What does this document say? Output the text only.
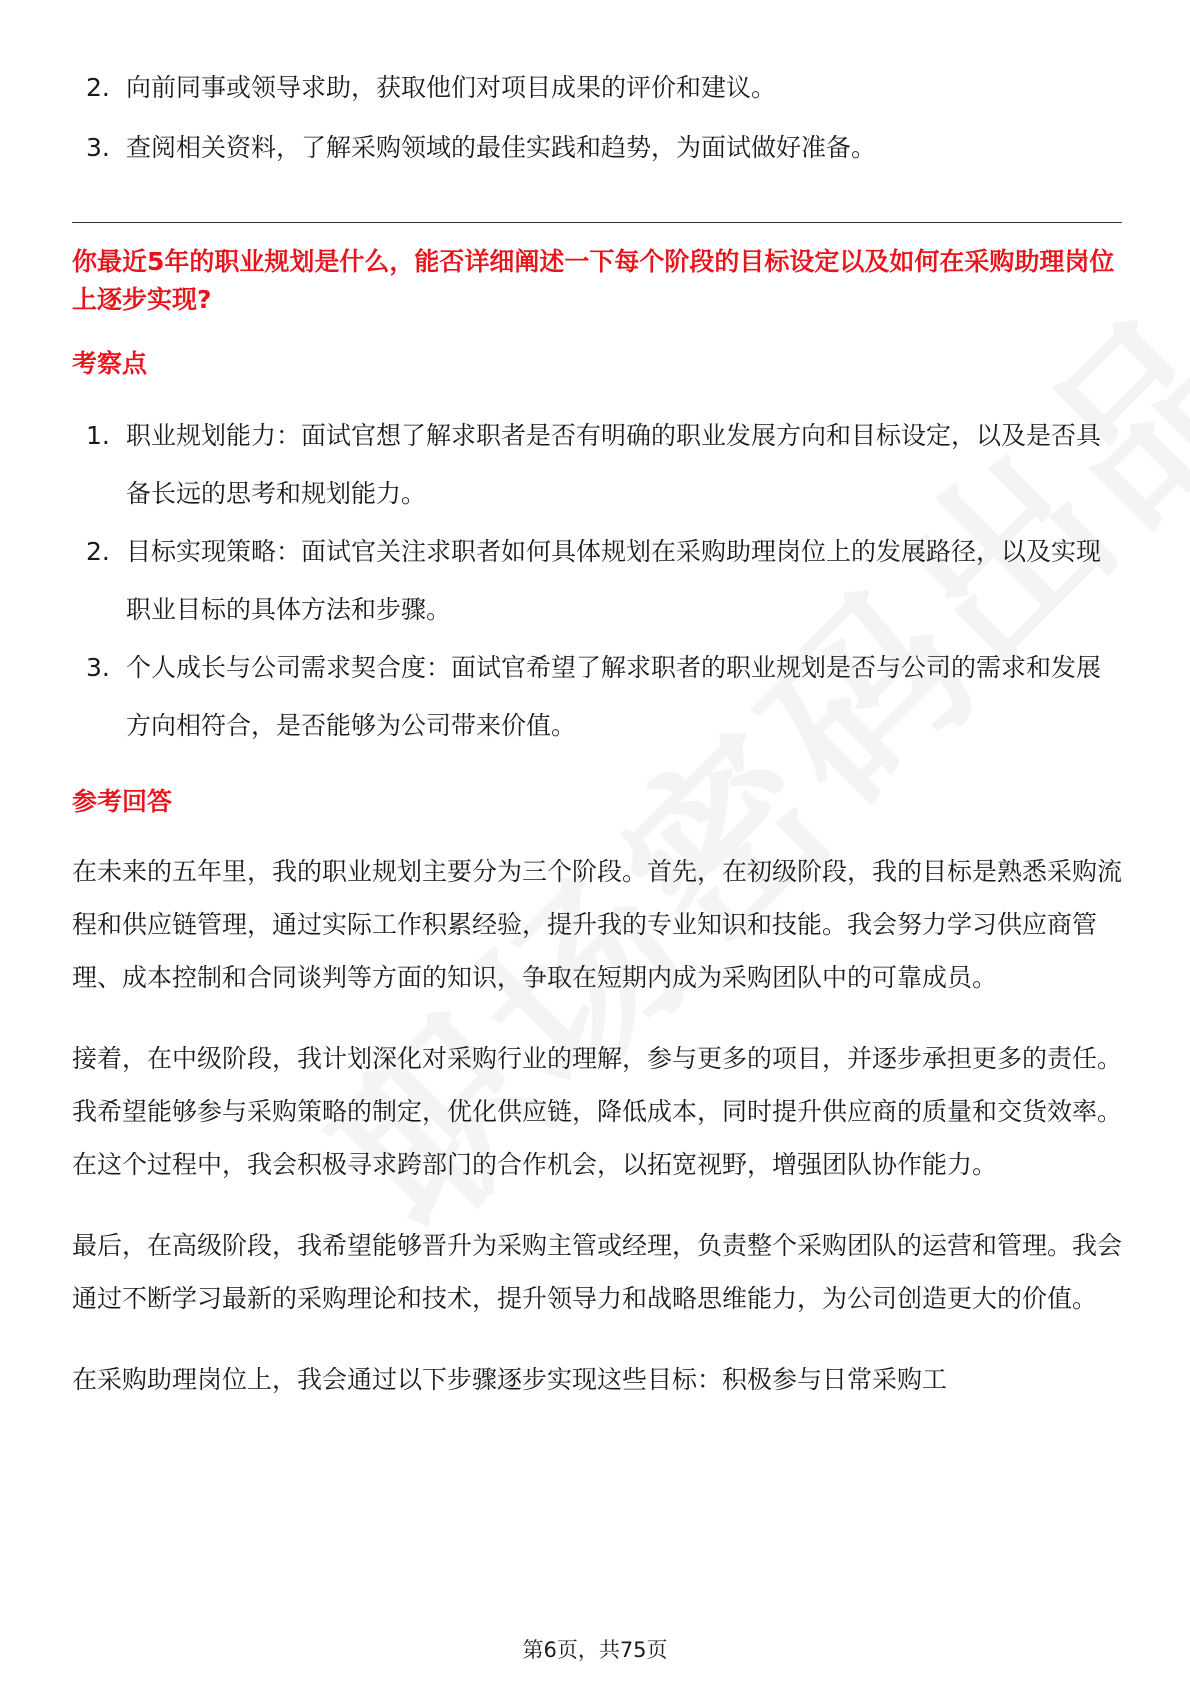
2. 向前同事或领导求助，获取他们对项目成果的评价和建议。
3. 查阅相关资料，了解采购领域的最佳实践和趋势，为面试做好准备。

你最近5年的职业规划是什么，能否详细阐述一下每个阶段的目标设定以及如何在采购助理岗位上逐步实现?

考察点
1. 职业规划能力：面试官想了解求职者是否有明确的职业发展方向和目标设定，以及是否具备长远的思考和规划能力。
2. 目标实现策略：面试官关注求职者如何具体规划在采购助理岗位上的发展路径，以及实现职业目标的具体方法和步骤。
3. 个人成长与公司需求契合度：面试官希望了解求职者的职业规划是否与公司的需求和发展方向相符合，是否能够为公司带来价值。
参考回答

在未来的五年里，我的职业规划主要分为三个阶段。首先，在初级阶段，我的目标是熟悉采购流程和供应链管理，通过实际工作积累经验，提升我的专业知识和技能。我会努力学习供应商管理、成本控制和合同谈判等方面的知识，争取在短期内成为采购团队中的可靠成员。

接着，在中级阶段，我计划深化对采购行业的理解，参与更多的项目，并逐步承担更多的责任。我希望能够参与采购策略的制定，优化供应链，降低成本，同时提升供应商的质量和交货效率。在这个过程中，我会积极寻求跨部门的合作机会，以拓宽视野，增强团队协作能力。

最后，在高级阶段，我希望能够晋升为采购主管或经理，负责整个采购团队的运营和管理。我会通过不断学习最新的采购理论和技术，提升领导力和战略思维能力，为公司创造更大的价值。

在采购助理岗位上，我会通过以下步骤逐步实现这些目标：积极参与日常采购工

第6页，共75页
